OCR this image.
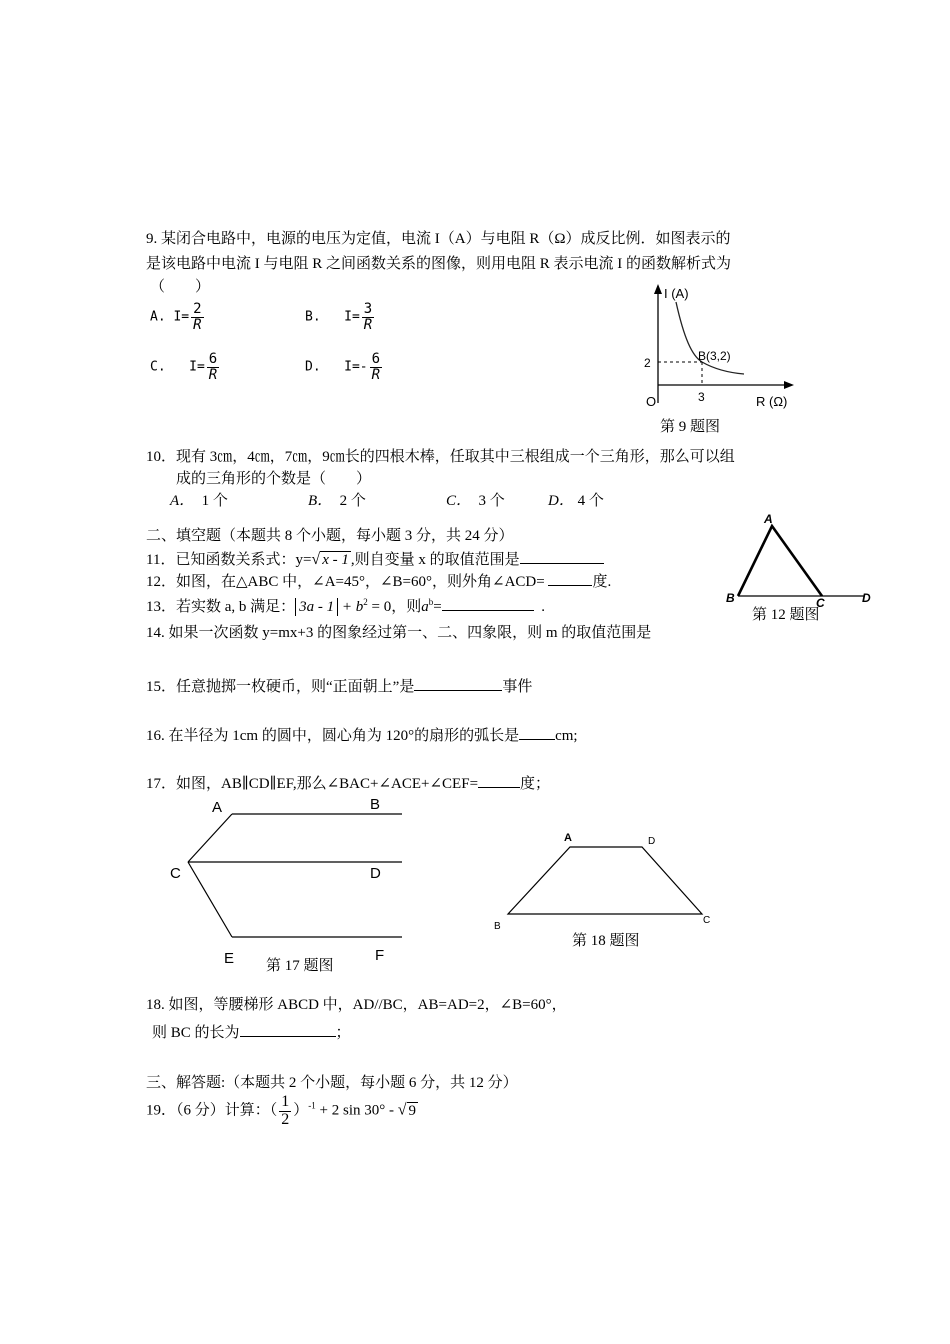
9. 某闭合电路中，电源的电压为定值，电流 I（A）与电阻 R（Ω）成反比例．如图表示的
是该电路中电流 I 与电阻 R 之间函数关系的图像，则用电阻 R 表示电流 I 的函数解析式为
（　　）
A. $I= \frac{2}{R}$	B. $I= \frac{3}{R}$
C. $I= \frac{6}{R}$	D. $I=- \frac{6}{R}$
I (A)
R (Ω)
O
2
3
B(3,2)
第 9 题图
10．现有 3㎝，4㎝，7㎝，9㎝长的四根木棒，任取其中三根组成一个三角形，那么可以组
成的三角形的个数是（　　）
A． 1 个	B． 2 个	C． 3 个	D． 4 个
二、填空题（本题共 8 个小题，每小题 3 分，共 24 分）
11．已知函数关系式：y=√ x - 1 ,则自变量 x 的取值范围是
12．如图，在△ABC 中，∠A=45°，∠B=60°，则外角∠ACD=	度.
A
B	C	D
第 12 题图
13．若实数 a, b 满足： $3a - 1 + b^2 = 0$，则$a^b=$	.
14. 如果一次函数 y=mx+3 的图象经过第一、二、四象限，则 m 的取值范围是
15．任意抛掷一枚硬币，则“正面朝上”是	事件
16. 在半径为 1cm 的圆中，圆心角为 120°的扇形的弧长是 cm;
17．如图，AB∥CD∥EF,那么∠BAC+∠ACE+∠CEF=	度；
A	B
C	D
E	F
第 17 题图
A	D
B
C
第 18 题图
18. 如图，等腰梯形 ABCD 中，AD//BC，AB=AD=2，∠B=60°，
则 BC 的长为	；
三、解答题:（本题共 2 个小题，每小题 6 分，共 12 分）
19．（6 分）计算：（ $\frac{1}{2} )^{-1} + 2$ sin 30° - √ 9
